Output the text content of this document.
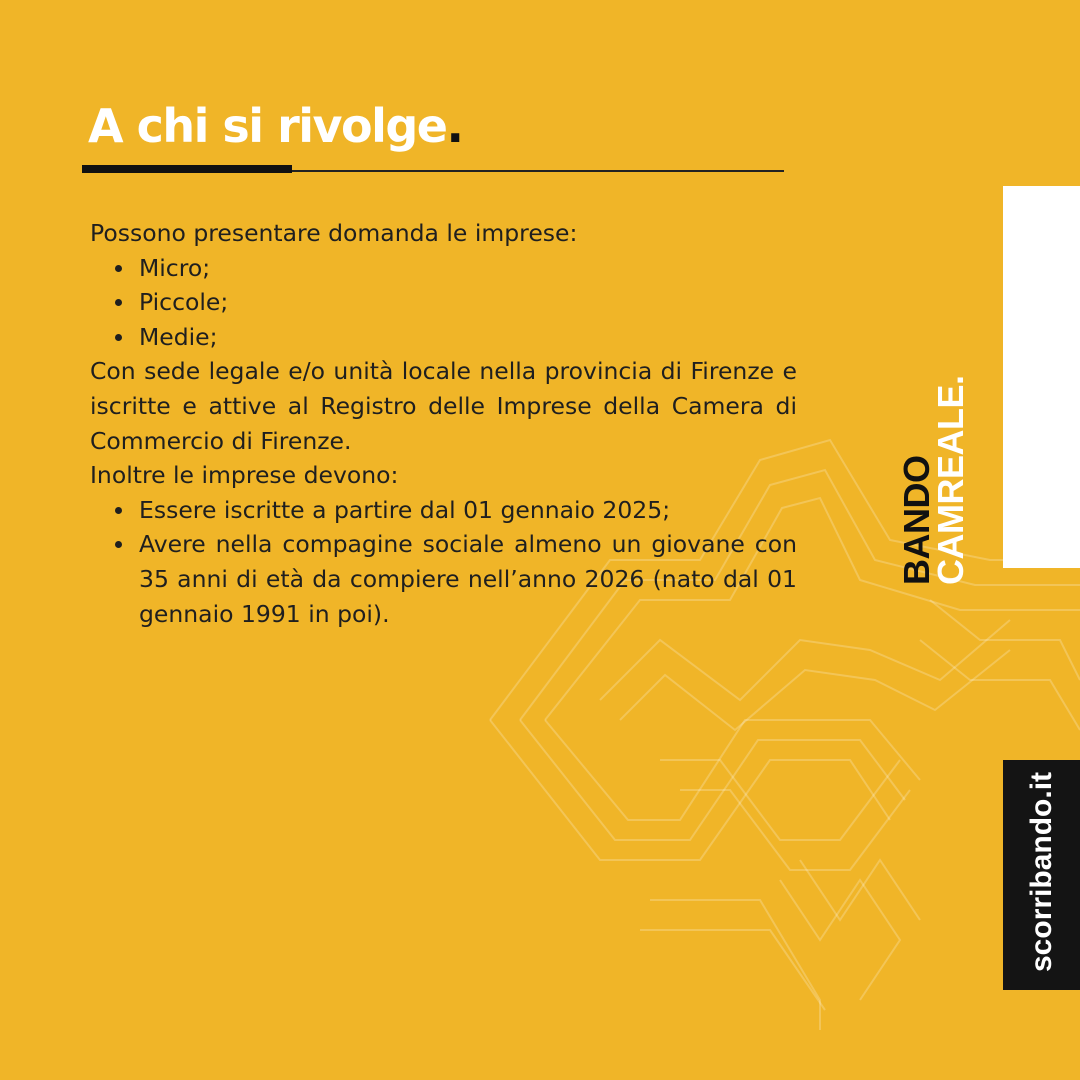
A chi si rivolge.

Possono presentare domanda le imprese:

Micro;
Piccole;
Medie;

Con sede legale e/o unità locale nella provincia di Firenze e iscritte e attive al Registro delle Imprese della Camera di Commercio di Firenze.

Inoltre le imprese devono:

Essere iscritte a partire dal 01 gennaio 2025;
Avere nella compagine sociale almeno un giovane con 35 anni di età da compiere nell’anno 2026 (nato dal 01 gennaio 1991 in poi).
BANDO
CAMREALE.
scorribando.it
